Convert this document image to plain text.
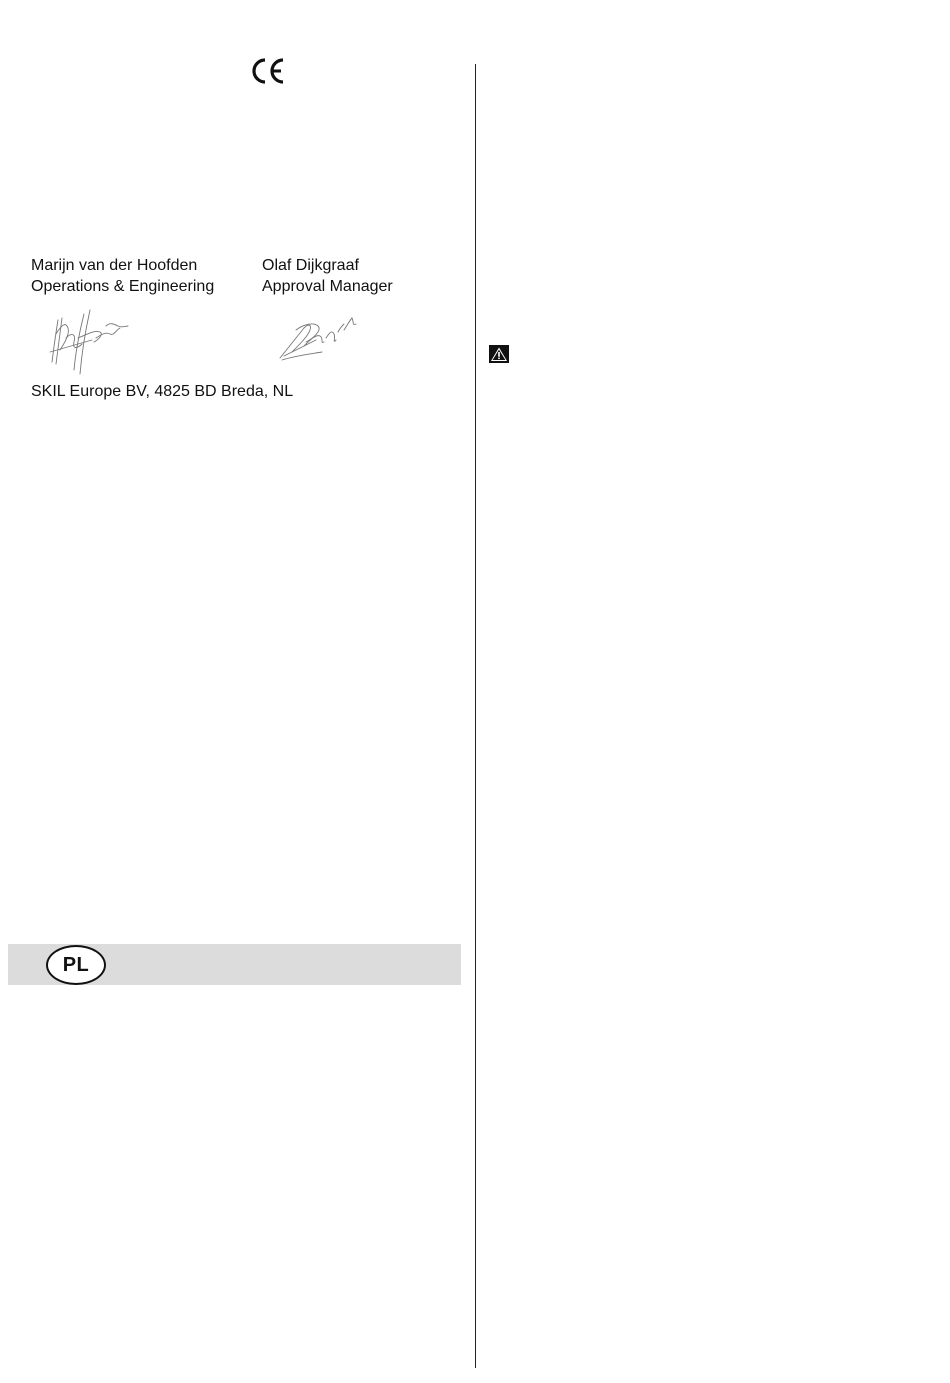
Marijn van der Hoofden
Operations & Engineering
Olaf Dijkgraaf
Approval Manager
SKIL Europe BV, 4825 BD Breda, NL
PL
